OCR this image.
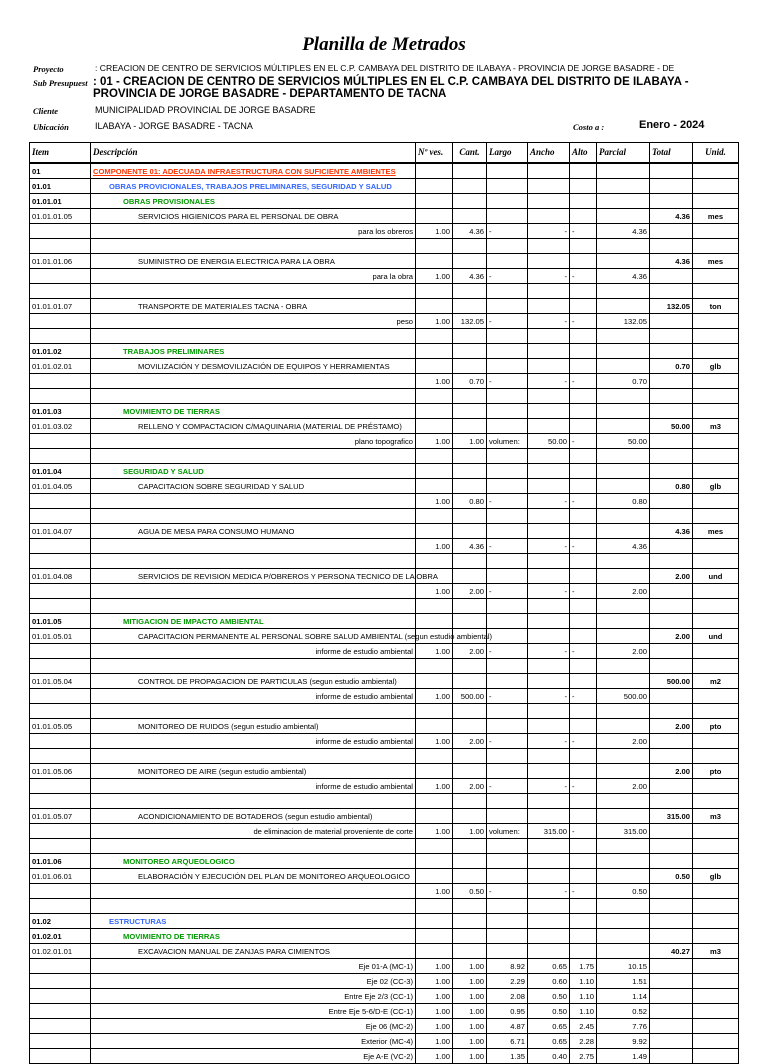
Planilla de Metrados
Proyecto	: CREACION DE CENTRO DE SERVICIOS MÚLTIPLES EN EL C.P. CAMBAYA DEL DISTRITO DE ILABAYA - PROVINCIA DE JORGE BASADRE - DE
Sub Presupuest : 01 - CREACION DE CENTRO DE SERVICIOS MÚLTIPLES EN EL C.P. CAMBAYA DEL DISTRITO DE ILABAYA -
PROVINCIA DE JORGE BASADRE - DEPARTAMENTO DE TACNA
Cliente	MUNICIPALIDAD PROVINCIAL DE JORGE BASADRE
Ubicación	ILABAYA - JORGE BASADRE - TACNA	Costo a :	Enero - 2024
Item	Descripción	Nº ves.	Cant.	Largo	Ancho	Alto	Parcial	Total	Unid.
01	COMPONENTE 01: ADECUADA INFRAESTRUCTURA CON SUFICIENTE AMBIENTES								
01.01	OBRAS PROVICIONALES, TRABAJOS PRELIMINARES, SEGURIDAD Y SALUD								
01.01.01	OBRAS PROVISIONALES								
01.01.01.05	SERVICIOS HIGIENICOS PARA EL PERSONAL DE OBRA							4.36	mes
	para los obreros	1.00	4.36	-	-	-	4.36		

01.01.01.06	SUMINISTRO DE ENERGIA ELECTRICA PARA LA OBRA							4.36	mes
	para la obra	1.00	4.36	-	-	-	4.36		

01.01.01.07	TRANSPORTE DE MATERIALES TACNA - OBRA							132.05	ton
	peso	1.00	132.05	-	-	-	132.05		

01.01.02	TRABAJOS PRELIMINARES								
01.01.02.01	MOVILIZACIÓN Y DESMOVILIZACIÓN DE EQUIPOS Y HERRAMIENTAS							0.70	glb
		1.00	0.70	-	-	-	0.70		

01.01.03	MOVIMIENTO DE TIERRAS								
01.01.03.02	RELLENO Y COMPACTACION C/MAQUINARIA (MATERIAL DE PRÉSTAMO)							50.00	m3
	plano topografico	1.00	1.00	volumen:	50.00	-	50.00		

01.01.04	SEGURIDAD Y SALUD								
01.01.04.05	CAPACITACION SOBRE SEGURIDAD Y SALUD							0.80	glb
		1.00	0.80	-	-	-	0.80		

01.01.04.07	AGUA DE MESA PARA CONSUMO HUMANO							4.36	mes
		1.00	4.36	-	-	-	4.36		

01.01.04.08	SERVICIOS DE REVISION MEDICA P/OBREROS Y PERSONA TECNICO DE LA OBRA							2.00	und
		1.00	2.00	-	-	-	2.00		

01.01.05	MITIGACION DE IMPACTO AMBIENTAL								
01.01.05.01	CAPACITACION PERMANENTE AL PERSONAL SOBRE SALUD AMBIENTAL (segun estudio ambiental)							2.00	und
	informe de estudio ambiental	1.00	2.00	-	-	-	2.00		

01.01.05.04	CONTROL DE PROPAGACION DE PARTICULAS (segun estudio ambiental)							500.00	m2
	informe de estudio ambiental	1.00	500.00	-	-	-	500.00		

01.01.05.05	MONITOREO DE RUIDOS (segun estudio ambiental)							2.00	pto
	informe de estudio ambiental	1.00	2.00	-	-	-	2.00		

01.01.05.06	MONITOREO DE AIRE (segun estudio ambiental)							2.00	pto
	informe de estudio ambiental	1.00	2.00	-	-	-	2.00		

01.01.05.07	ACONDICIONAMIENTO DE BOTADEROS (segun estudio ambiental)							315.00	m3
	de eliminacion de material proveniente de corte	1.00	1.00	volumen:	315.00	-	315.00		

01.01.06	MONITOREO ARQUEOLOGICO								
01.01.06.01	ELABORACIÓN Y EJECUCIÓN DEL PLAN DE MONITOREO ARQUEOLOGICO							0.50	glb
		1.00	0.50	-	-	-	0.50		

01.02	ESTRUCTURAS								
01.02.01	MOVIMIENTO DE TIERRAS								
01.02.01.01	EXCAVACION MANUAL DE ZANJAS PARA CIMIENTOS							40.27	m3
	Eje 01-A (MC-1)	1.00	1.00	8.92	0.65	1.75	10.15		
	Eje 02 (CC-3)	1.00	1.00	2.29	0.60	1.10	1.51		
	Entre Eje 2/3 (CC-1)	1.00	1.00	2.08	0.50	1.10	1.14		
	Entre Eje 5-6/D-E (CC-1)	1.00	1.00	0.95	0.50	1.10	0.52		
	Eje 06 (MC-2)	1.00	1.00	4.87	0.65	2.45	7.76		
	Exterior (MC-4)	1.00	1.00	6.71	0.65	2.28	9.92		
	Eje A-E (VC-2)	1.00	1.00	1.35	0.40	2.75	1.49		
